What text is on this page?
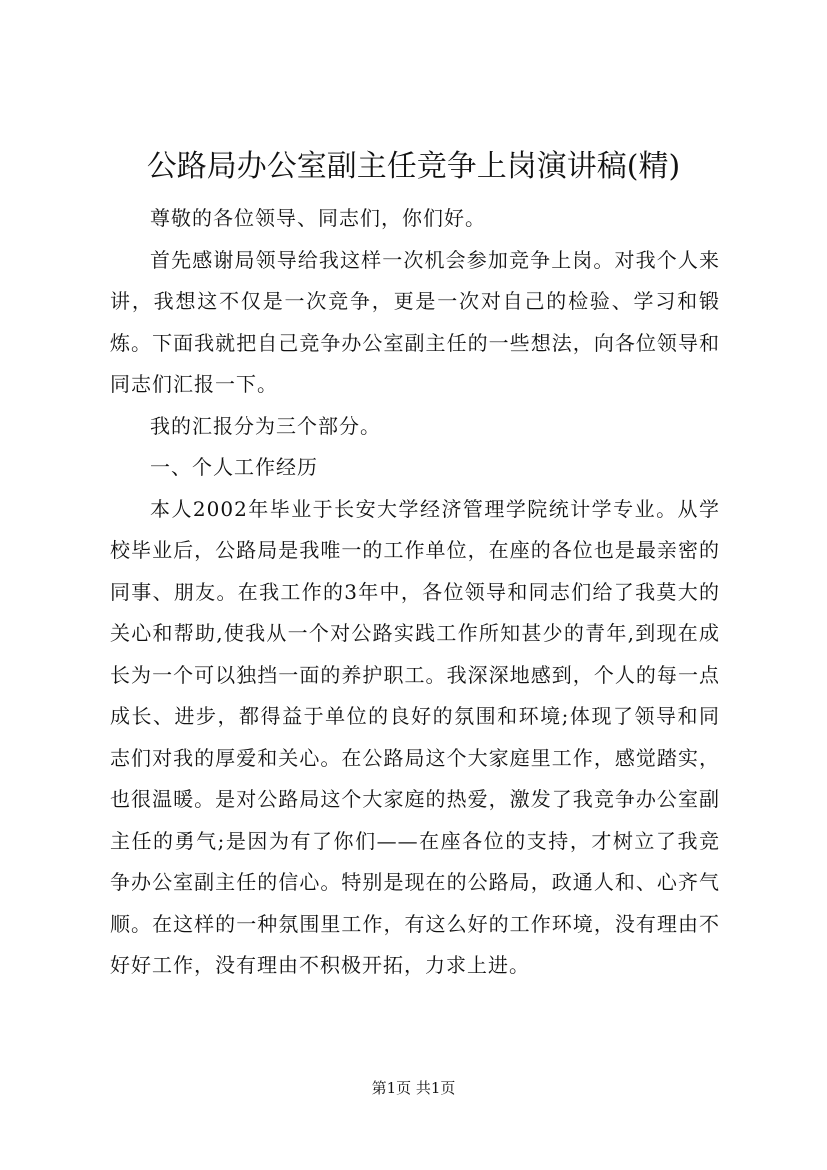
公路局办公室副主任竞争上岗演讲稿(精)

尊敬的各位领导、同志们，你们好。

首先感谢局领导给我这样一次机会参加竞争上岗。对我个人来讲，我想这不仅是一次竞争，更是一次对自己的检验、学习和锻炼。下面我就把自己竞争办公室副主任的一些想法，向各位领导和同志们汇报一下。

我的汇报分为三个部分。

一、个人工作经历

本人2002年毕业于长安大学经济管理学院统计学专业。从学校毕业后，公路局是我唯一的工作单位，在座的各位也是最亲密的同事、朋友。在我工作的3年中，各位领导和同志们给了我莫大的关心和帮助,使我从一个对公路实践工作所知甚少的青年,到现在成长为一个可以独挡一面的养护职工。我深深地感到，个人的每一点成长、进步，都得益于单位的良好的氛围和环境;体现了领导和同志们对我的厚爱和关心。在公路局这个大家庭里工作，感觉踏实，也很温暖。是对公路局这个大家庭的热爱，激发了我竞争办公室副主任的勇气;是因为有了你们——在座各位的支持，才树立了我竞争办公室副主任的信心。特别是现在的公路局，政通人和、心齐气顺。在这样的一种氛围里工作，有这么好的工作环境，没有理由不好好工作，没有理由不积极开拓，力求上进。

第1页 共1页
